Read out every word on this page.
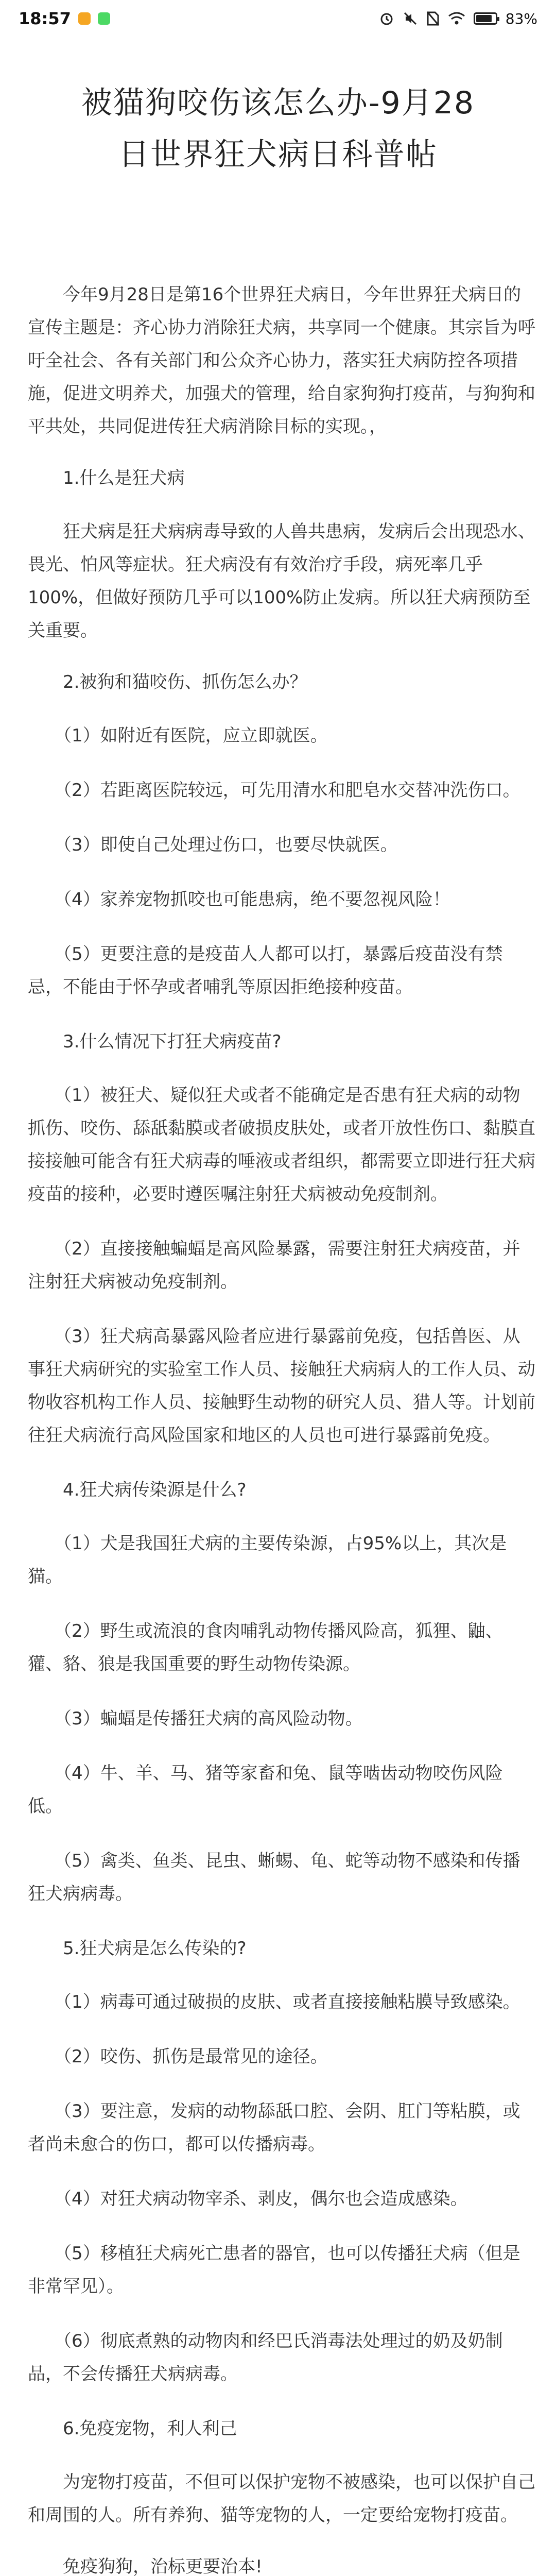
18:57	83%
被猫狗咬伤该怎么办-9月28
日世界狂犬病日科普帖

　　今年9月28日是第16个世界狂犬病日，今年世界狂犬病日的宣传主题是：齐心协力消除狂犬病，共享同一个健康。其宗旨为呼吁全社会、各有关部门和公众齐心协力，落实狂犬病防控各项措施，促进文明养犬，加强犬的管理，给自家狗狗打疫苗，与狗狗和平共处，共同促进传狂犬病消除目标的实现。，

　　1.什么是狂犬病

　　狂犬病是狂犬病病毒导致的人兽共患病，发病后会出现恐水、畏光、怕风等症状。狂犬病没有有效治疗手段，病死率几乎100%，但做好预防几乎可以100%防止发病。所以狂犬病预防至关重要。

　　2.被狗和猫咬伤、抓伤怎么办？

　　（1）如附近有医院，应立即就医。

　　（2）若距离医院较远，可先用清水和肥皂水交替冲洗伤口。

　　（3）即使自己处理过伤口，也要尽快就医。

　　（4）家养宠物抓咬也可能患病，绝不要忽视风险！

　　（5）更要注意的是疫苗人人都可以打，暴露后疫苗没有禁忌，不能由于怀孕或者哺乳等原因拒绝接种疫苗。

　　3.什么情况下打狂犬病疫苗?

　　（1）被狂犬、疑似狂犬或者不能确定是否患有狂犬病的动物抓伤、咬伤、舔舐黏膜或者破损皮肤处，或者开放性伤口、黏膜直接接触可能含有狂犬病毒的唾液或者组织，都需要立即进行狂犬病疫苗的接种，必要时遵医嘱注射狂犬病被动免疫制剂。

　　（2）直接接触蝙蝠是高风险暴露，需要注射狂犬病疫苗，并注射狂犬病被动免疫制剂。

　　（3）狂犬病高暴露风险者应进行暴露前免疫，包括兽医、从事狂犬病研究的实验室工作人员、接触狂犬病病人的工作人员、动物收容机构工作人员、接触野生动物的研究人员、猎人等。计划前往狂犬病流行高风险国家和地区的人员也可进行暴露前免疫。

　　4.狂犬病传染源是什么?

　　（1）犬是我国狂犬病的主要传染源，占95%以上，其次是猫。

　　（2）野生或流浪的食肉哺乳动物传播风险高，狐狸、鼬、獾、貉、狼是我国重要的野生动物传染源。

　　（3）蝙蝠是传播狂犬病的高风险动物。

　　（4）牛、羊、马、猪等家畜和兔、鼠等啮齿动物咬伤风险低。

　　（5）禽类、鱼类、昆虫、蜥蜴、龟、蛇等动物不感染和传播狂犬病病毒。

　　5.狂犬病是怎么传染的?

　　（1）病毒可通过破损的皮肤、或者直接接触粘膜导致感染。

　　（2）咬伤、抓伤是最常见的途径。

　　（3）要注意，发病的动物舔舐口腔、会阴、肛门等粘膜，或者尚未愈合的伤口，都可以传播病毒。

　　（4）对狂犬病动物宰杀、剥皮，偶尔也会造成感染。

　　（5）移植狂犬病死亡患者的器官，也可以传播狂犬病（但是非常罕见）。

　　（6）彻底煮熟的动物肉和经巴氏消毒法处理过的奶及奶制品，不会传播狂犬病病毒。

　　6.免疫宠物，利人利己

　　为宠物打疫苗，不但可以保护宠物不被感染，也可以保护自己和周围的人。所有养狗、猫等宠物的人，一定要给宠物打疫苗。

　　免疫狗狗，治标更要治本!
